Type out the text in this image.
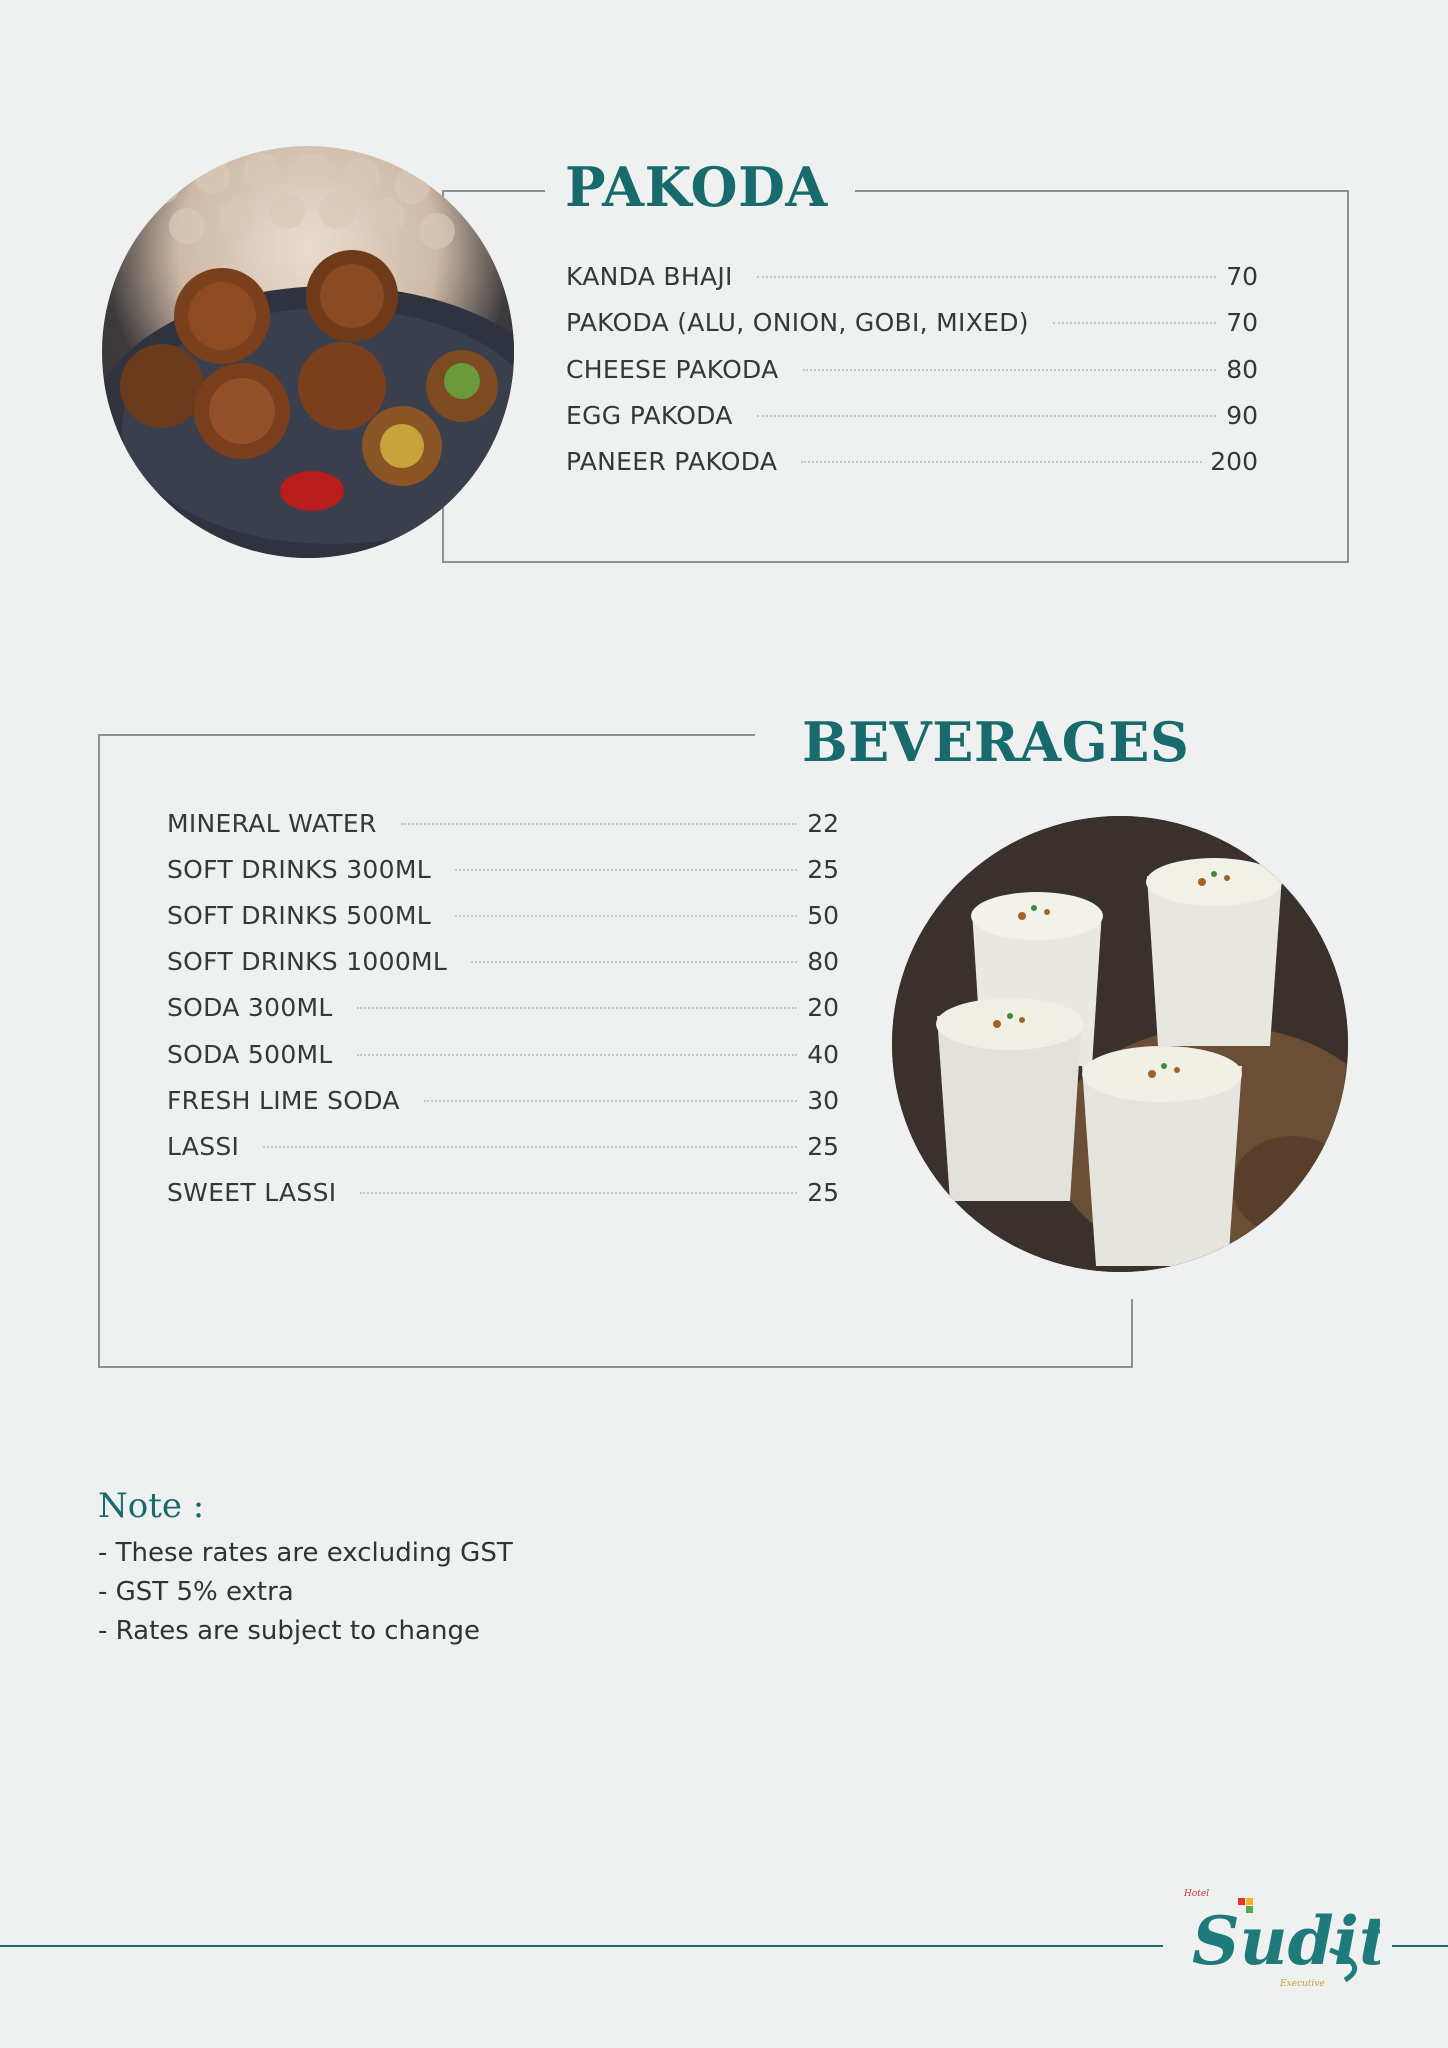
PAKODA
KANDA BHAJI	70
PAKODA (ALU, ONION, GOBI, MIXED)	70
CHEESE PAKODA	80
EGG PAKODA	90
PANEER PAKODA	200
BEVERAGES
MINERAL WATER	22
SOFT DRINKS 300ML	25
SOFT DRINKS 500ML	50
SOFT DRINKS 1000ML	80
SODA 300ML	20
SODA 500ML	40
FRESH LIME SODA	30
LASSI	25
SWEET LASSI	25
Note :
- These rates are excluding GST
- GST 5% extra
- Rates are subject to change
Hotel
Sudit
Executive
